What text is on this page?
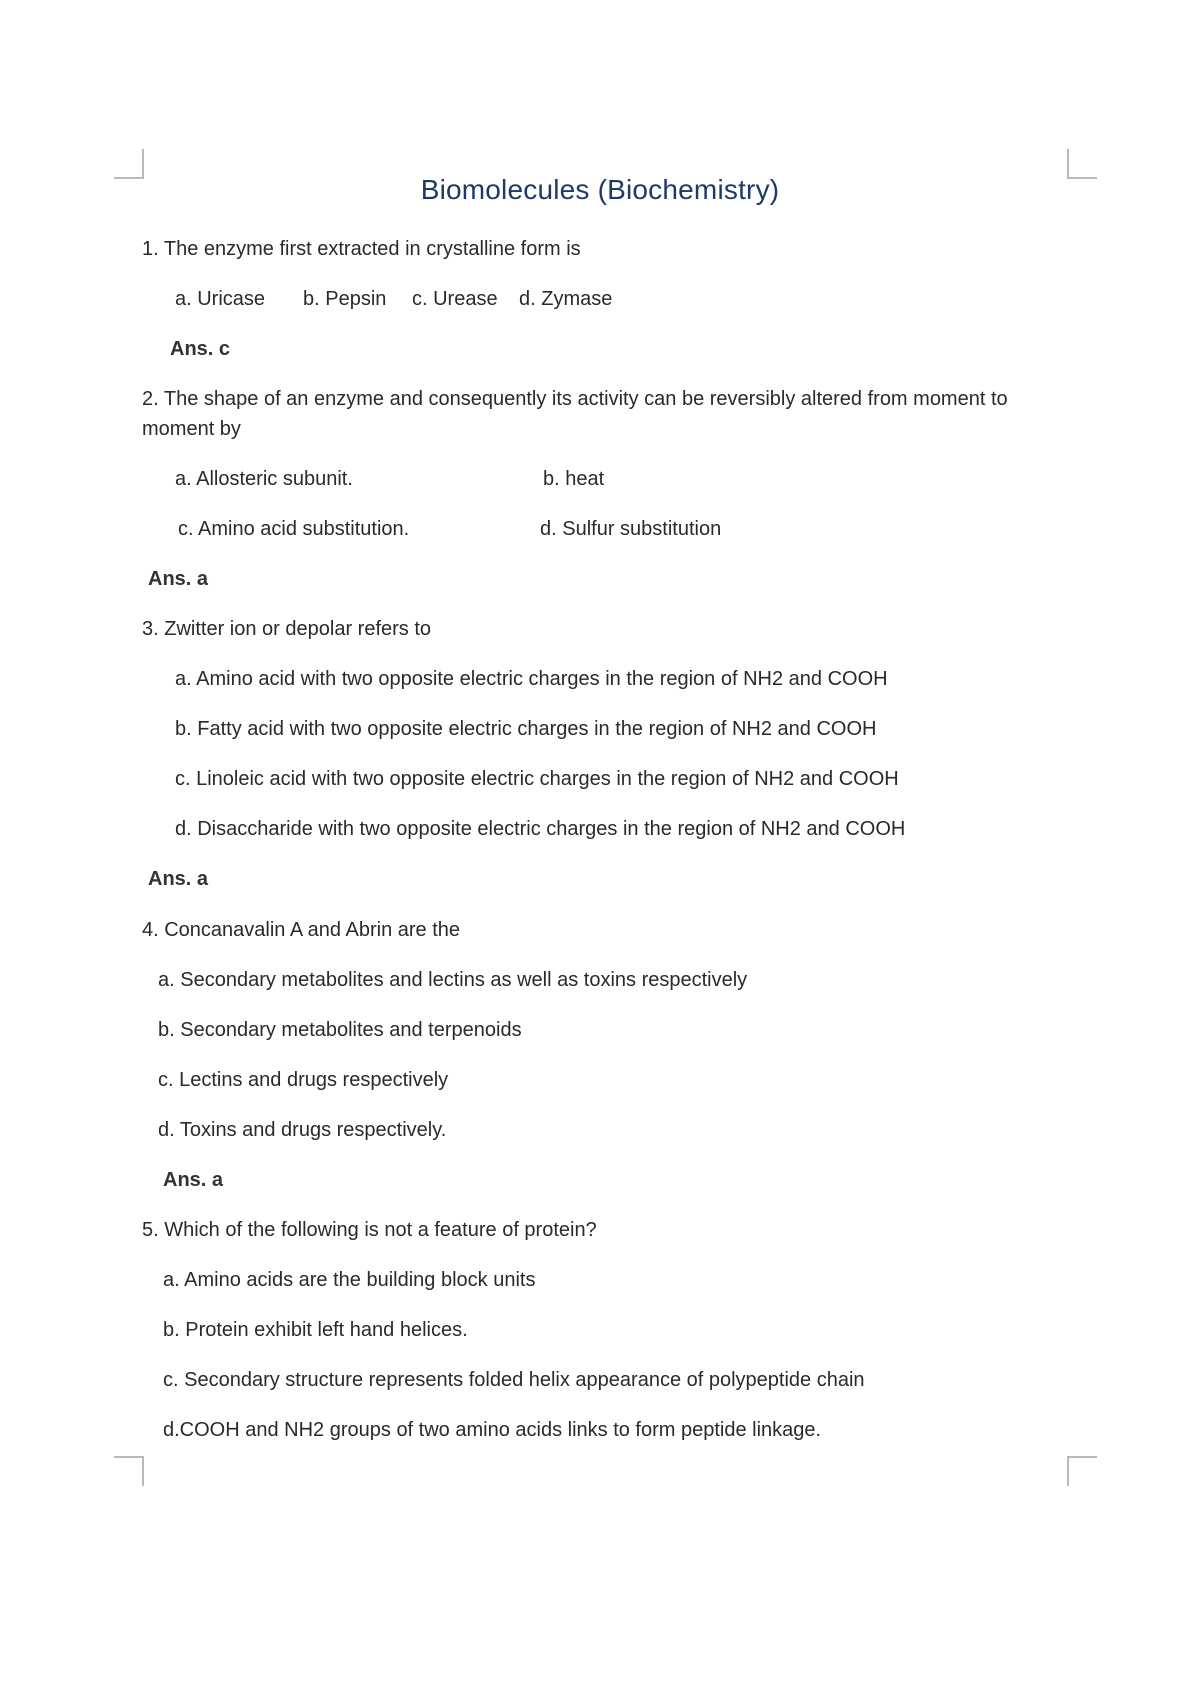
Biomolecules (Biochemistry)

1. The enzyme first extracted in crystalline form is

a. Uricase b. Pepsin c. Urease d. Zymase

Ans. c

2. The shape of an enzyme and consequently its activity can be reversibly altered from moment to moment by

a. Allosteric subunit.	b. heat

c. Amino acid substitution.	d. Sulfur substitution

Ans. a

3. Zwitter ion or depolar refers to

a. Amino acid with two opposite electric charges in the region of NH2 and COOH

b. Fatty acid with two opposite electric charges in the region of NH2 and COOH

c. Linoleic acid with two opposite electric charges in the region of NH2 and COOH

d. Disaccharide with two opposite electric charges in the region of NH2 and COOH

Ans. a

4. Concanavalin A and Abrin are the

a. Secondary metabolites and lectins as well as toxins respectively

b. Secondary metabolites and terpenoids

c. Lectins and drugs respectively

d. Toxins and drugs respectively.

Ans. a

5. Which of the following is not a feature of protein?

a. Amino acids are the building block units

b. Protein exhibit left hand helices.

c. Secondary structure represents folded helix appearance of polypeptide chain

d.COOH and NH2 groups of two amino acids links to form peptide linkage.
